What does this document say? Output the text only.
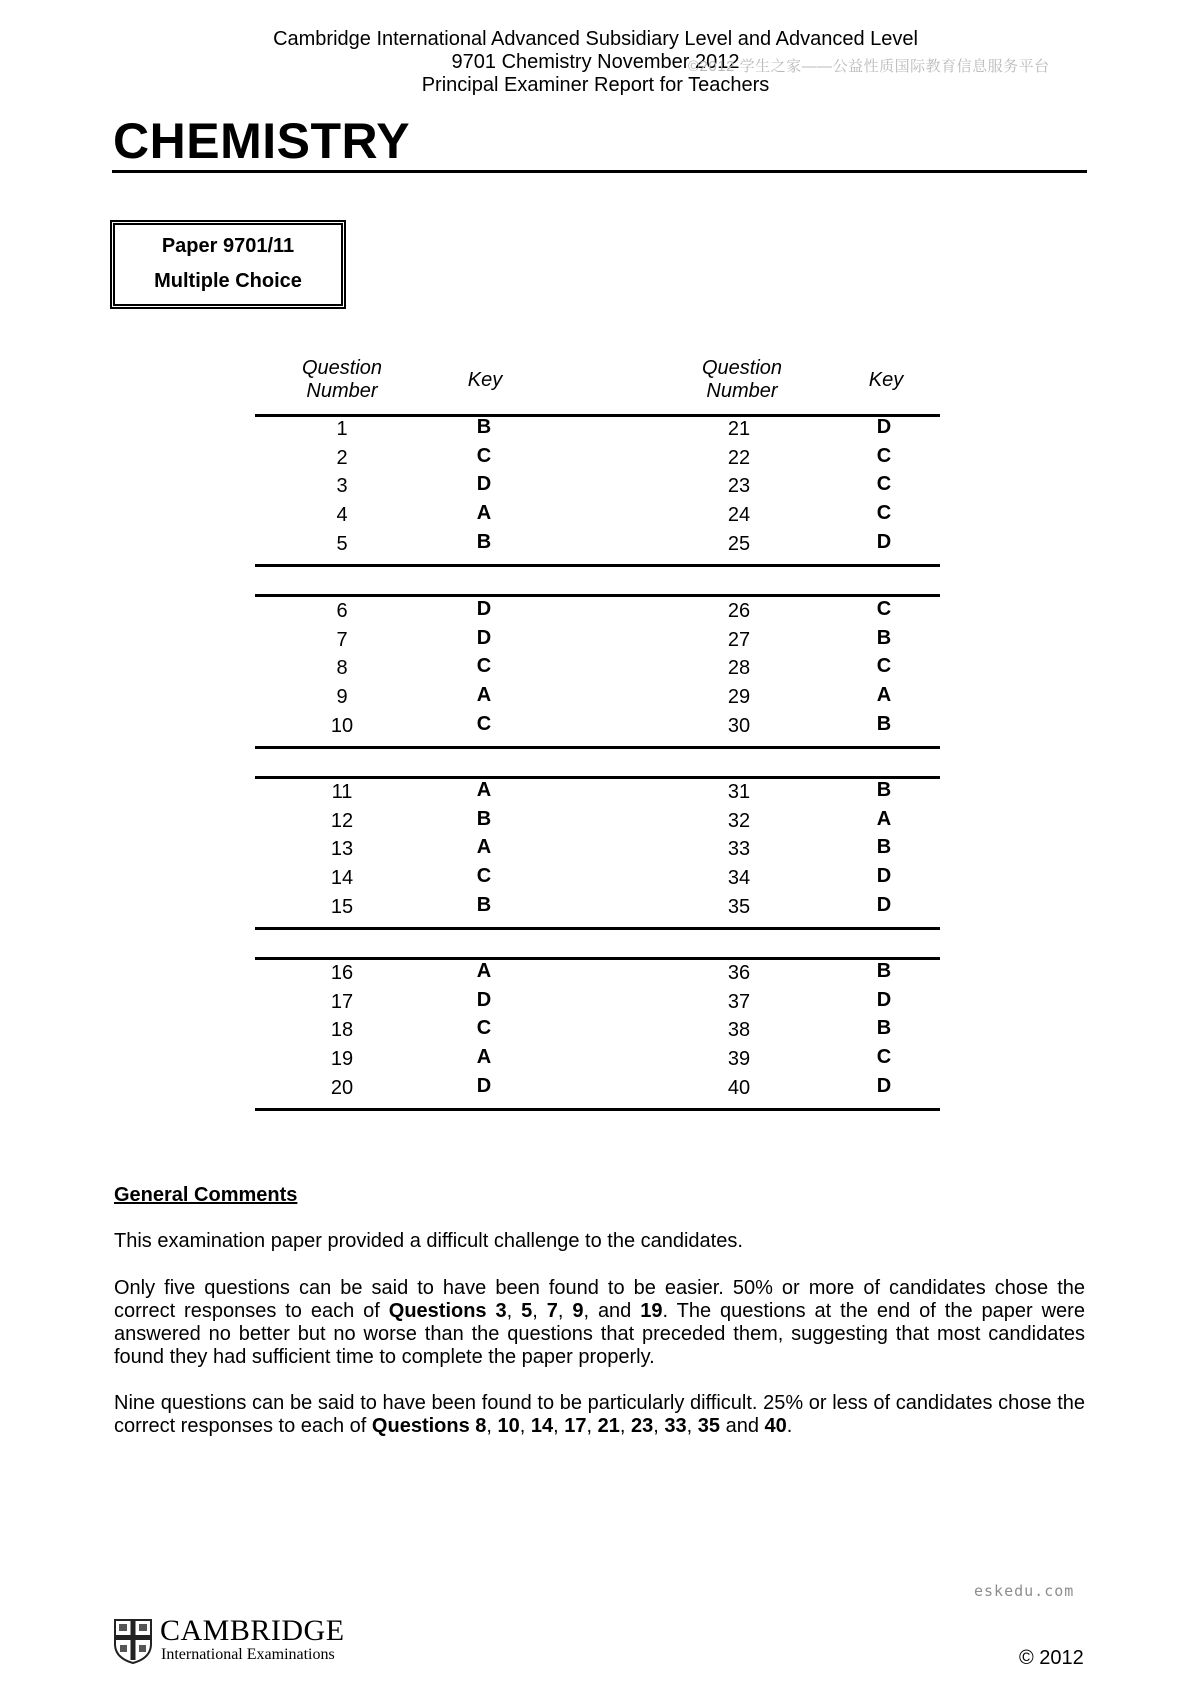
Cambridge International Advanced Subsidiary Level and Advanced Level
9701 Chemistry November 2012
Principal Examiner Report for Teachers
©2012 学生之家——公益性质国际教育信息服务平台
CHEMISTRY
Paper 9701/11
Multiple Choice
Question
Number	Key
Question
Number	Key
1	B	21	D
2	C	22	C
3	D	23	C
4	A	24	C
5	B	25	D
6	D	26	C
7	D	27	B
8	C	28	C
9	A	29	A
10	C	30	B
11	A	31	B
12	B	32	A
13	A	33	B
14	C	34	D
15	B	35	D
16	A	36	B
17	D	37	D
18	C	38	B
19	A	39	C
20	D	40	D
General Comments
This examination paper provided a difficult challenge to the candidates.
Only five questions can be said to have been found to be easier. 50% or more of candidates chose the correct responses to each of Questions 3, 5, 7, 9, and 19. The questions at the end of the paper were answered no better but no worse than the questions that preceded them, suggesting that most candidates found they had sufficient time to complete the paper properly.
Nine questions can be said to have been found to be particularly difficult. 25% or less of candidates chose the correct responses to each of Questions 8, 10, 14, 17, 21, 23, 33, 35 and 40.
eskedu.com
CAMBRIDGE
International Examinations	© 2012
